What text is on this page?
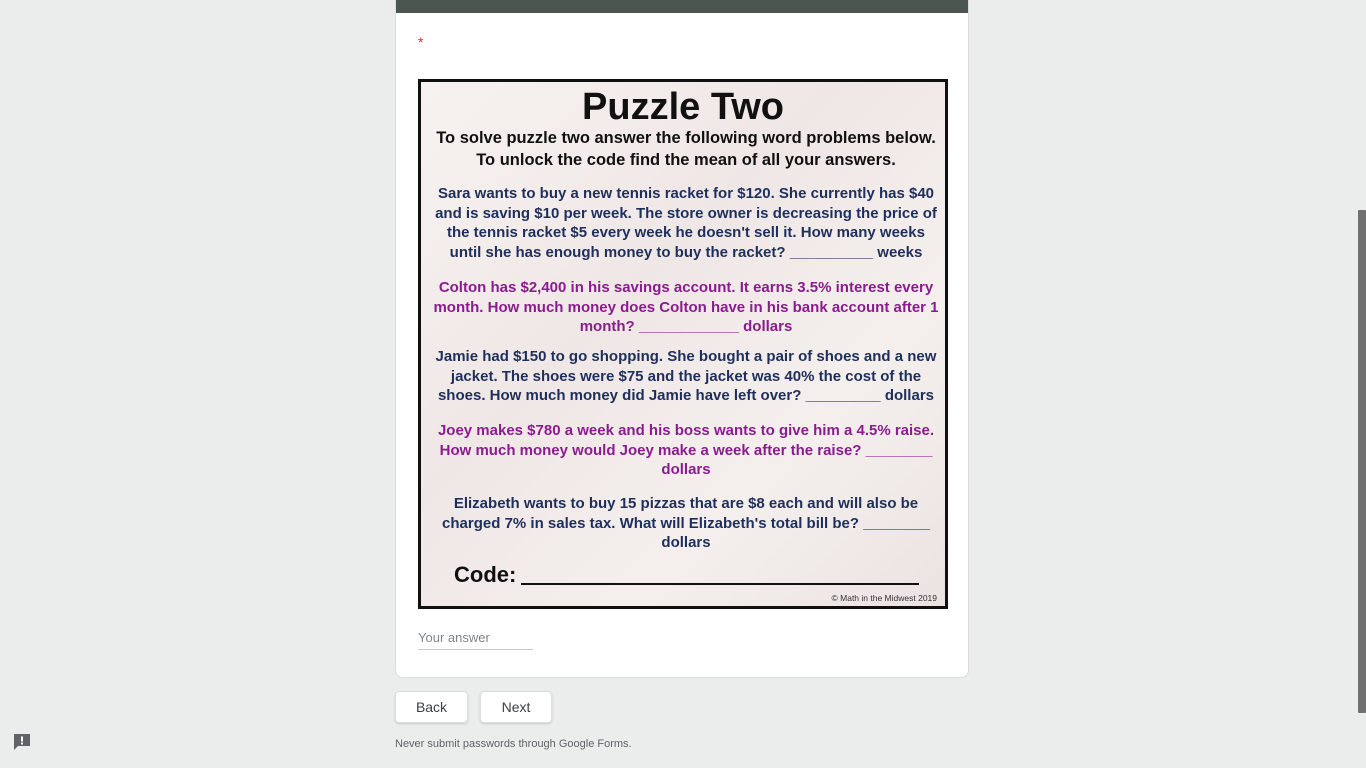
*
Puzzle Two
To solve puzzle two answer the following word problems below. To unlock the code find the mean of all your answers.
Sara wants to buy a new tennis racket for $120. She currently has $40 and is saving $10 per week. The store owner is decreasing the price of the tennis racket $5 every week he doesn't sell it. How many weeks until she has enough money to buy the racket? __________ weeks
Colton has $2,400 in his savings account. It earns 3.5% interest every month. How much money does Colton have in his bank account after 1 month? ____________ dollars
Jamie had $150 to go shopping. She bought a pair of shoes and a new jacket. The shoes were $75 and the jacket was 40% the cost of the shoes. How much money did Jamie have left over? _________ dollars
Joey makes $780 a week and his boss wants to give him a 4.5% raise. How much money would Joey make a week after the raise? ________ dollars
Elizabeth wants to buy 15 pizzas that are $8 each and will also be charged 7% in sales tax. What will Elizabeth's total bill be? ________ dollars
Code:
© Math in the Midwest 2019
Your answer
Back	Next
Never submit passwords through Google Forms.
